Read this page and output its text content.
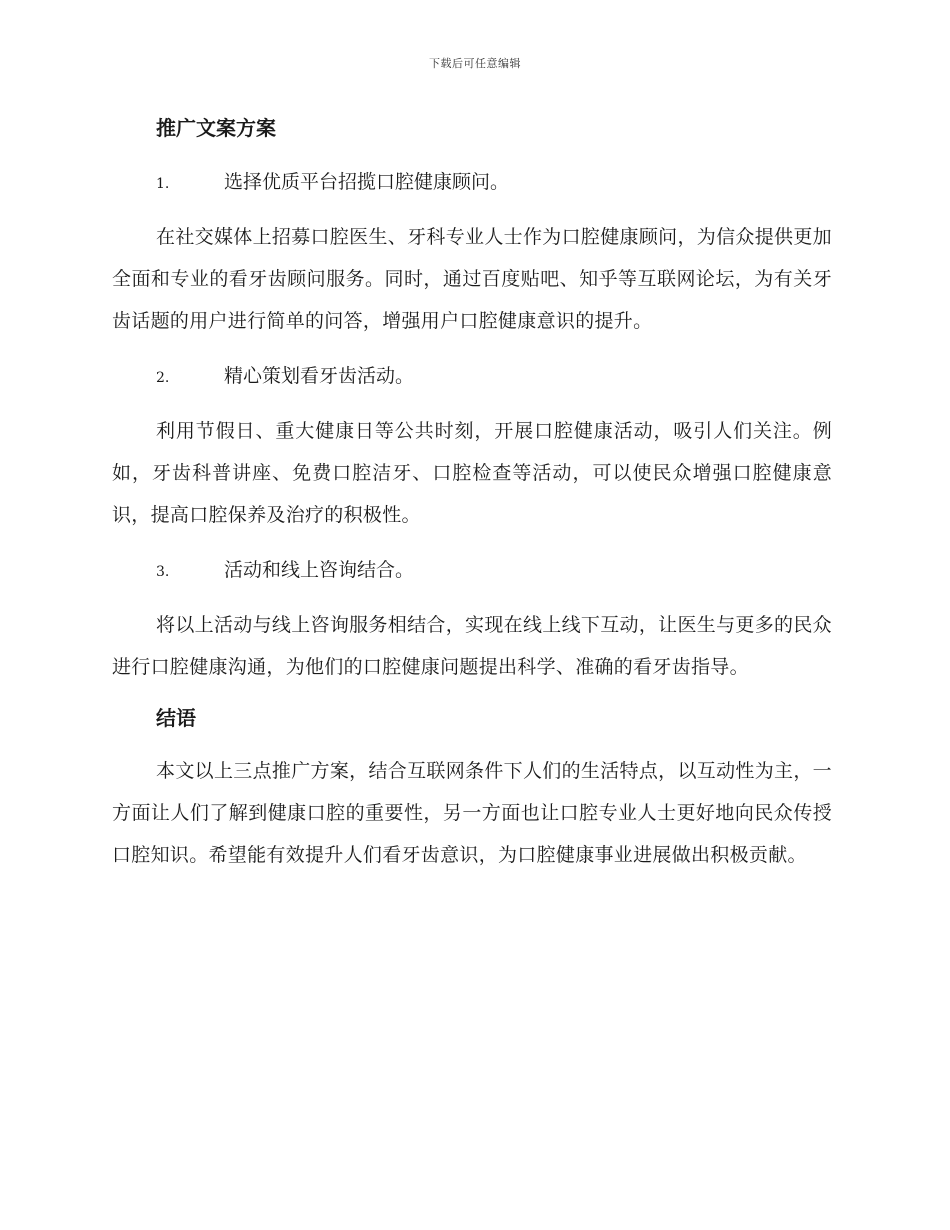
下载后可任意编辑
推广文案方案
1.	选择优质平台招揽口腔健康顾问。

在社交媒体上招募口腔医生、牙科专业人士作为口腔健康顾问，为信众提供更加全面和专业的看牙齿顾问服务。同时，通过百度贴吧、知乎等互联网论坛，为有关牙齿话题的用户进行简单的问答，增强用户口腔健康意识的提升。

2.	精心策划看牙齿活动。

利用节假日、重大健康日等公共时刻，开展口腔健康活动，吸引人们关注。例如，牙齿科普讲座、免费口腔洁牙、口腔检查等活动，可以使民众增强口腔健康意识，提高口腔保养及治疗的积极性。

3.	活动和线上咨询结合。

将以上活动与线上咨询服务相结合，实现在线上线下互动，让医生与更多的民众进行口腔健康沟通，为他们的口腔健康问题提出科学、准确的看牙齿指导。

结语

本文以上三点推广方案，结合互联网条件下人们的生活特点，以互动性为主，一方面让人们了解到健康口腔的重要性，另一方面也让口腔专业人士更好地向民众传授口腔知识。希望能有效提升人们看牙齿意识，为口腔健康事业进展做出积极贡献。
